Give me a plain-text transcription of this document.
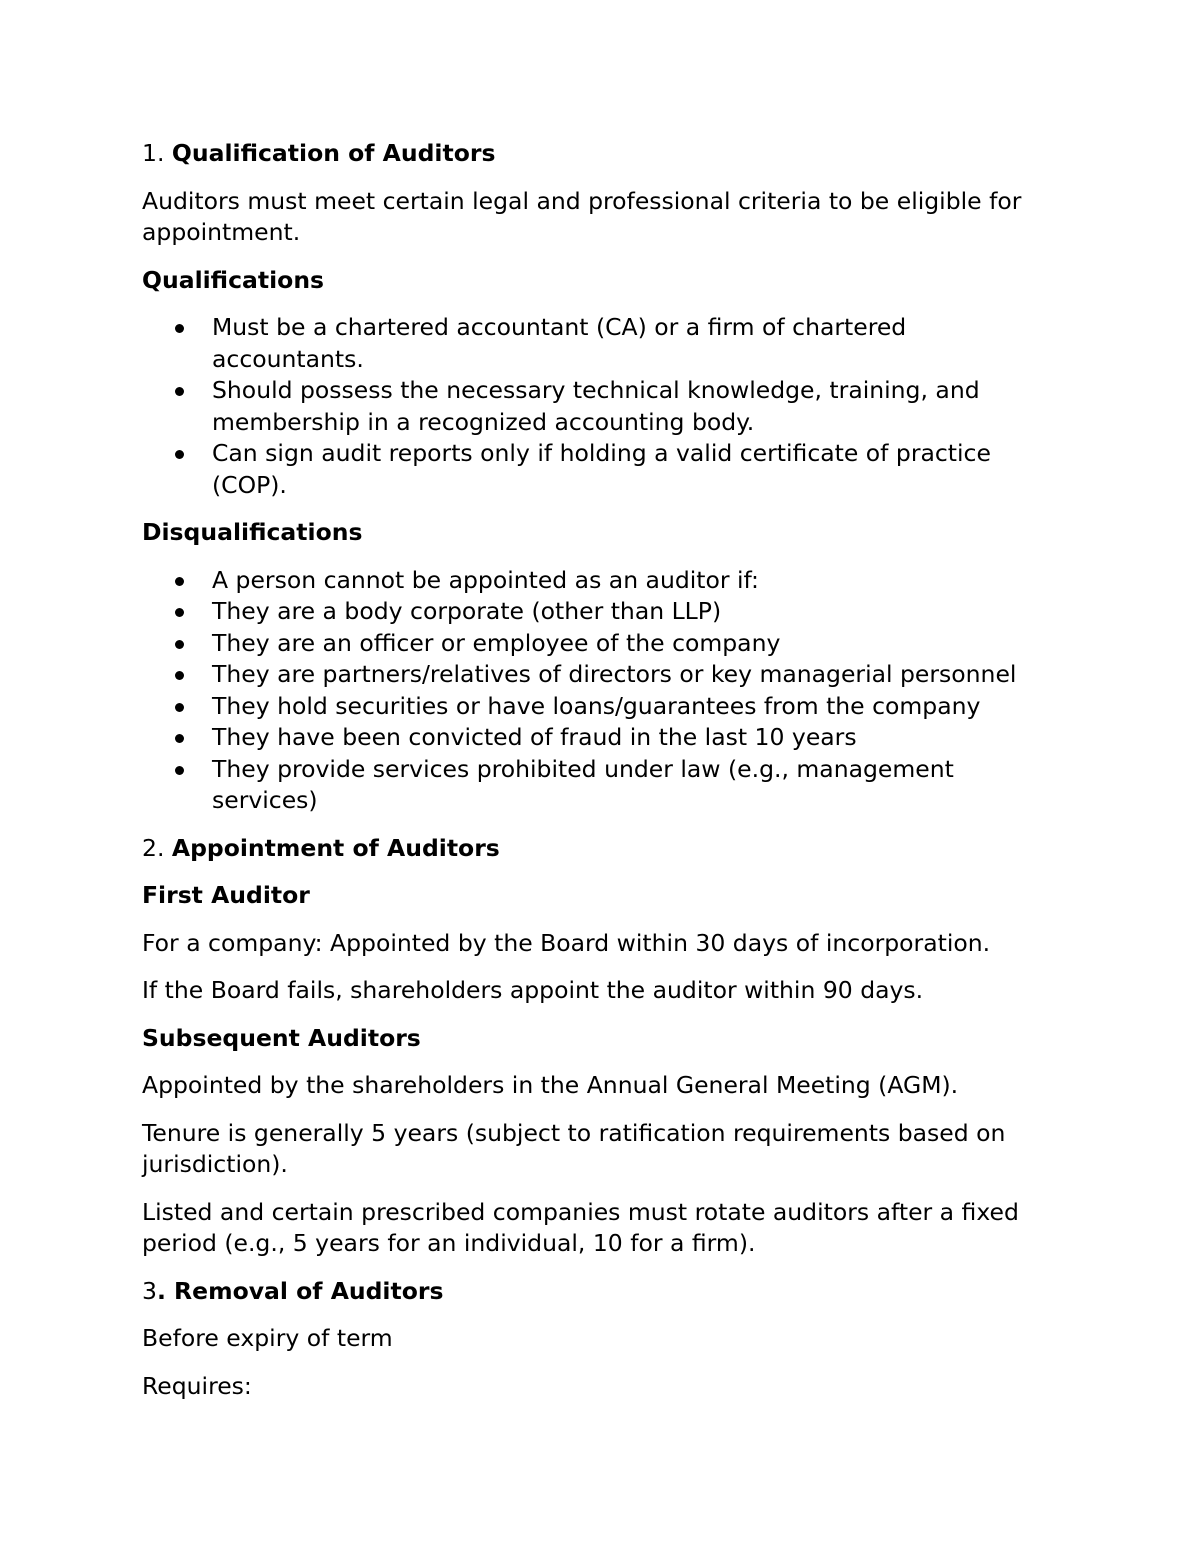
1. Qualification of Auditors
Auditors must meet certain legal and professional criteria to be eligible for appointment.
Qualifications
Must be a chartered accountant (CA) or a firm of chartered accountants.
Should possess the necessary technical knowledge, training, and membership in a recognized accounting body.
Can sign audit reports only if holding a valid certificate of practice (COP).
Disqualifications
A person cannot be appointed as an auditor if:
They are a body corporate (other than LLP)
They are an officer or employee of the company
They are partners/relatives of directors or key managerial personnel
They hold securities or have loans/guarantees from the company
They have been convicted of fraud in the last 10 years
They provide services prohibited under law (e.g., management services)
2. Appointment of Auditors
First Auditor
For a company: Appointed by the Board within 30 days of incorporation.
If the Board fails, shareholders appoint the auditor within 90 days.
Subsequent Auditors
Appointed by the shareholders in the Annual General Meeting (AGM).
Tenure is generally 5 years (subject to ratification requirements based on jurisdiction).
Listed and certain prescribed companies must rotate auditors after a fixed period (e.g., 5 years for an individual, 10 for a firm).
3. Removal of Auditors
Before expiry of term
Requires:
